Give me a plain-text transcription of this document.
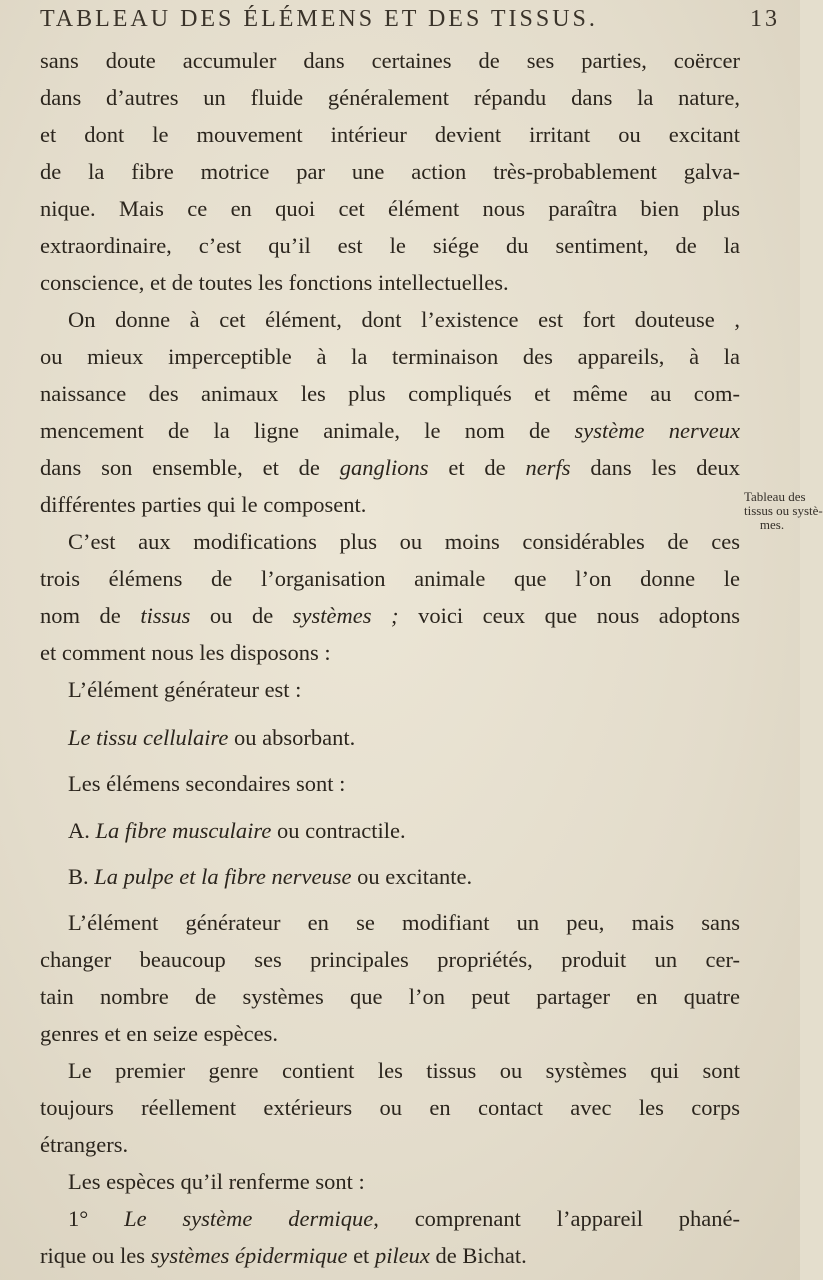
TABLEAU DES ÉLÉMENS ET DES TISSUS.	13
sans doute accumuler dans certaines de ses parties, coërcer
dans d’autres un fluide généralement répandu dans la nature,
et dont le mouvement intérieur devient irritant ou excitant
de la fibre motrice par une action très-probablement galva-
nique. Mais ce en quoi cet élément nous paraîtra bien plus
extraordinaire, c’est qu’il est le siége du sentiment, de la
conscience, et de toutes les fonctions intellectuelles.
On donne à cet élément, dont l’existence est fort douteuse ,
ou mieux imperceptible à la terminaison des appareils, à la
naissance des animaux les plus compliqués et même au com-
mencement de la ligne animale, le nom de système nerveux
dans son ensemble, et de ganglions et de nerfs dans les deux
différentes parties qui le composent.
C’est aux modifications plus ou moins considérables de ces
trois élémens de l’organisation animale que l’on donne le
nom de tissus ou de systèmes ; voici ceux que nous adoptons
et comment nous les disposons :
L’élément générateur est :
Le tissu cellulaire ou absorbant.
Les élémens secondaires sont :
A. La fibre musculaire ou contractile.
B. La pulpe et la fibre nerveuse ou excitante.
L’élément générateur en se modifiant un peu, mais sans
changer beaucoup ses principales propriétés, produit un cer-
tain nombre de systèmes que l’on peut partager en quatre
genres et en seize espèces.
Le premier genre contient les tissus ou systèmes qui sont
toujours réellement extérieurs ou en contact avec les corps
étrangers.
Les espèces qu’il renferme sont :
1° Le système dermique, comprenant l’appareil phané-
rique ou les systèmes épidermique et pileux de Bichat.
Tableau des
tissus ou systè-
mes.
